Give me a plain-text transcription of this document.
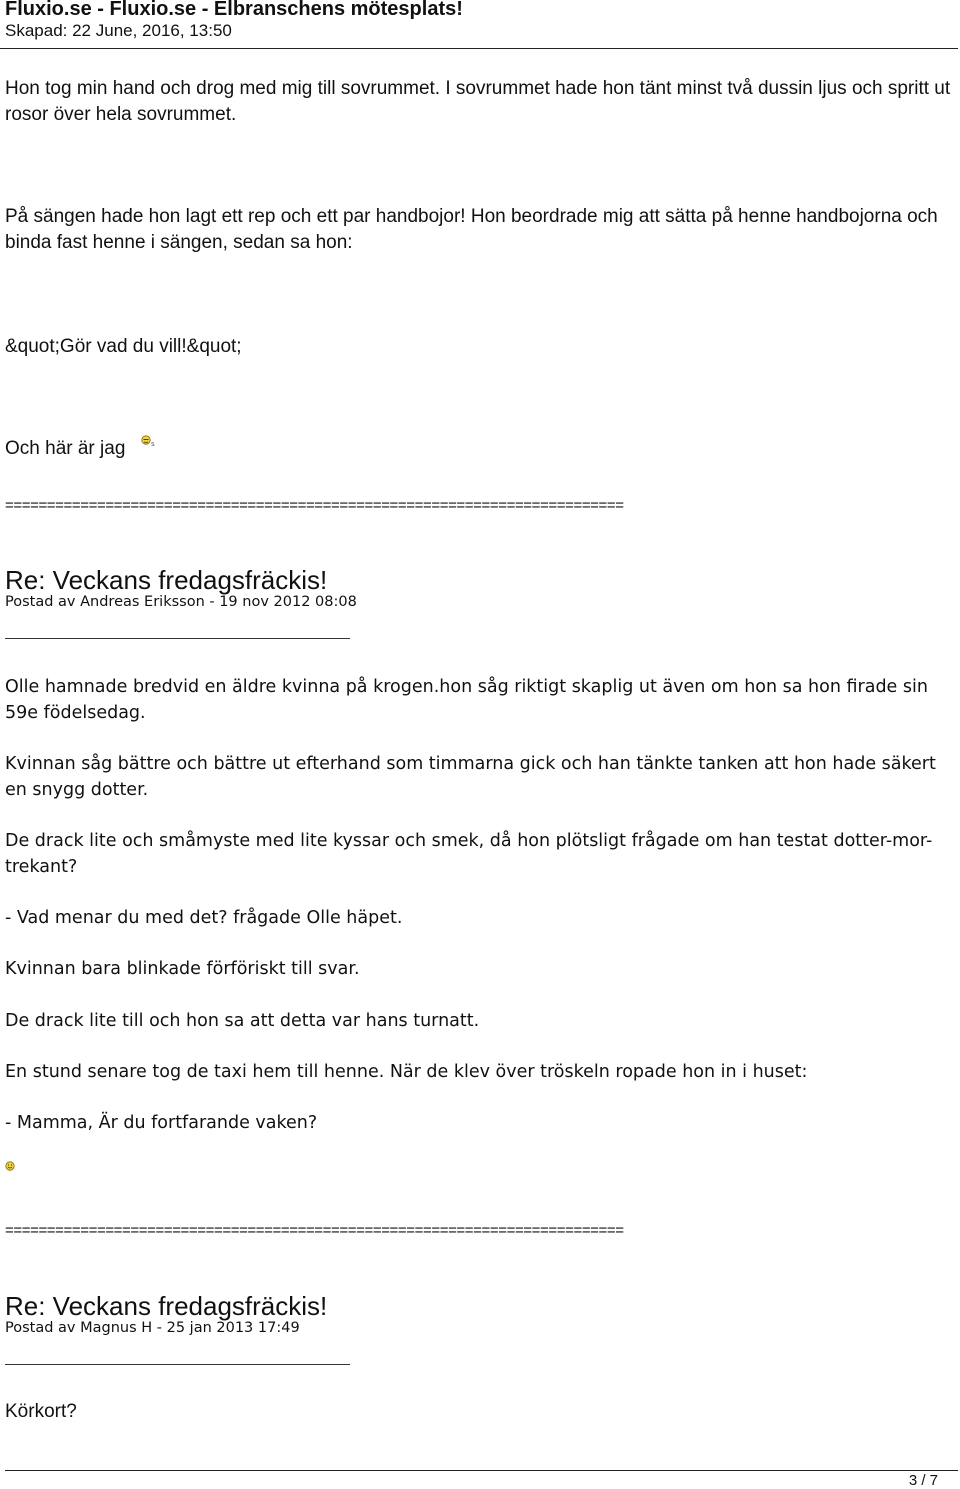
Fluxio.se - Fluxio.se - Elbranschens mötesplats!
Skapad: 22 June, 2016, 13:50
Hon tog min hand och drog med mig till sovrummet. I sovrummet hade hon tänt minst två dussin ljus och spritt ut rosor över hela sovrummet.
På sängen hade hon lagt ett rep och ett par handbojor! Hon beordrade mig att sätta på henne handbojorna och binda fast henne i sängen, sedan sa hon:
&quot;Gör vad du vill!&quot;
Och här är jag	s
==========================================================================
Re: Veckans fredagsfräckis!
Postad av Andreas Eriksson - 19 nov 2012 08:08
Olle hamnade bredvid en äldre kvinna på krogen.hon såg riktigt skaplig ut även om hon sa hon firade sin 59e födelsedag.
Kvinnan såg bättre och bättre ut efterhand som timmarna gick och han tänkte tanken att hon hade säkert en snygg dotter.
De drack lite och småmyste med lite kyssar och smek, då hon plötsligt frågade om han testat dotter-mor-trekant?
- Vad menar du med det? frågade Olle häpet.
Kvinnan bara blinkade förföriskt till svar.
De drack lite till och hon sa att detta var hans turnatt.
En stund senare tog de taxi hem till henne. När de klev över tröskeln ropade hon in i huset:
- Mamma, Är du fortfarande vaken?
==========================================================================
Re: Veckans fredagsfräckis!
Postad av Magnus H - 25 jan 2013 17:49
Körkort?
3 / 7
